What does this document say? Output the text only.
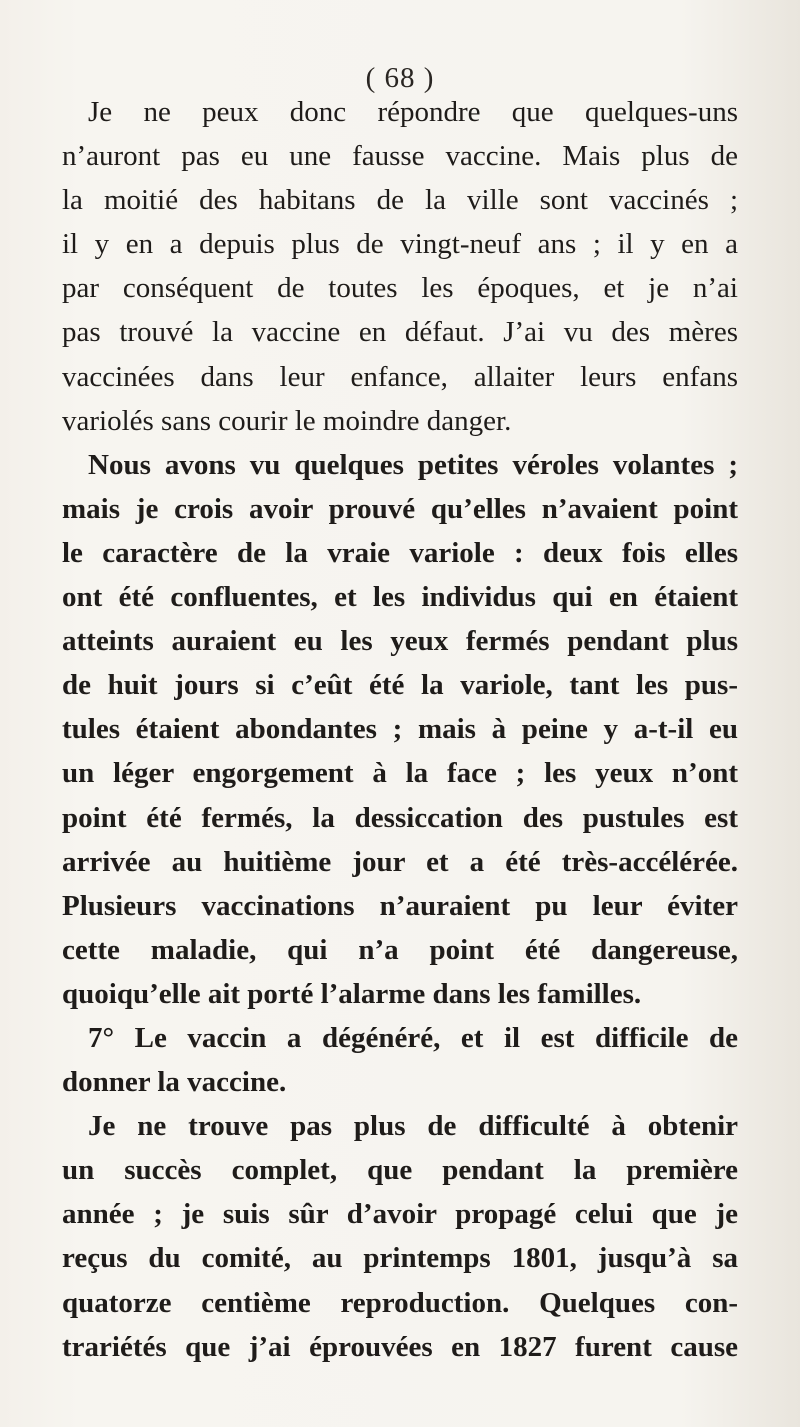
( 68 )
Je ne peux donc répondre que quelques-uns
n’auront pas eu une fausse vaccine. Mais plus de
la moitié des habitans de la ville sont vaccinés ;
il y en a depuis plus de vingt-neuf ans ; il y en a
par conséquent de toutes les époques, et je n’ai
pas trouvé la vaccine en défaut. J’ai vu des mères
vaccinées dans leur enfance, allaiter leurs enfans
variolés sans courir le moindre danger.
Nous avons vu quelques petites véroles volantes ;
mais je crois avoir prouvé qu’elles n’avaient point
le caractère de la vraie variole : deux fois elles
ont été confluentes, et les individus qui en étaient
atteints auraient eu les yeux fermés pendant plus
de huit jours si c’eût été la variole, tant les pus-
tules étaient abondantes ; mais à peine y a-t-il eu
un léger engorgement à la face ; les yeux n’ont
point été fermés, la dessiccation des pustules est
arrivée au huitième jour et a été très-accélérée.
Plusieurs vaccinations n’auraient pu leur éviter
cette maladie, qui n’a point été dangereuse,
quoiqu’elle ait porté l’alarme dans les familles.
7° Le vaccin a dégénéré, et il est difficile de
donner la vaccine.
Je ne trouve pas plus de difficulté à obtenir
un succès complet, que pendant la première
année ; je suis sûr d’avoir propagé celui que je
reçus du comité, au printemps 1801, jusqu’à sa
quatorze centième reproduction. Quelques con-
trariétés que j’ai éprouvées en 1827 furent cause
